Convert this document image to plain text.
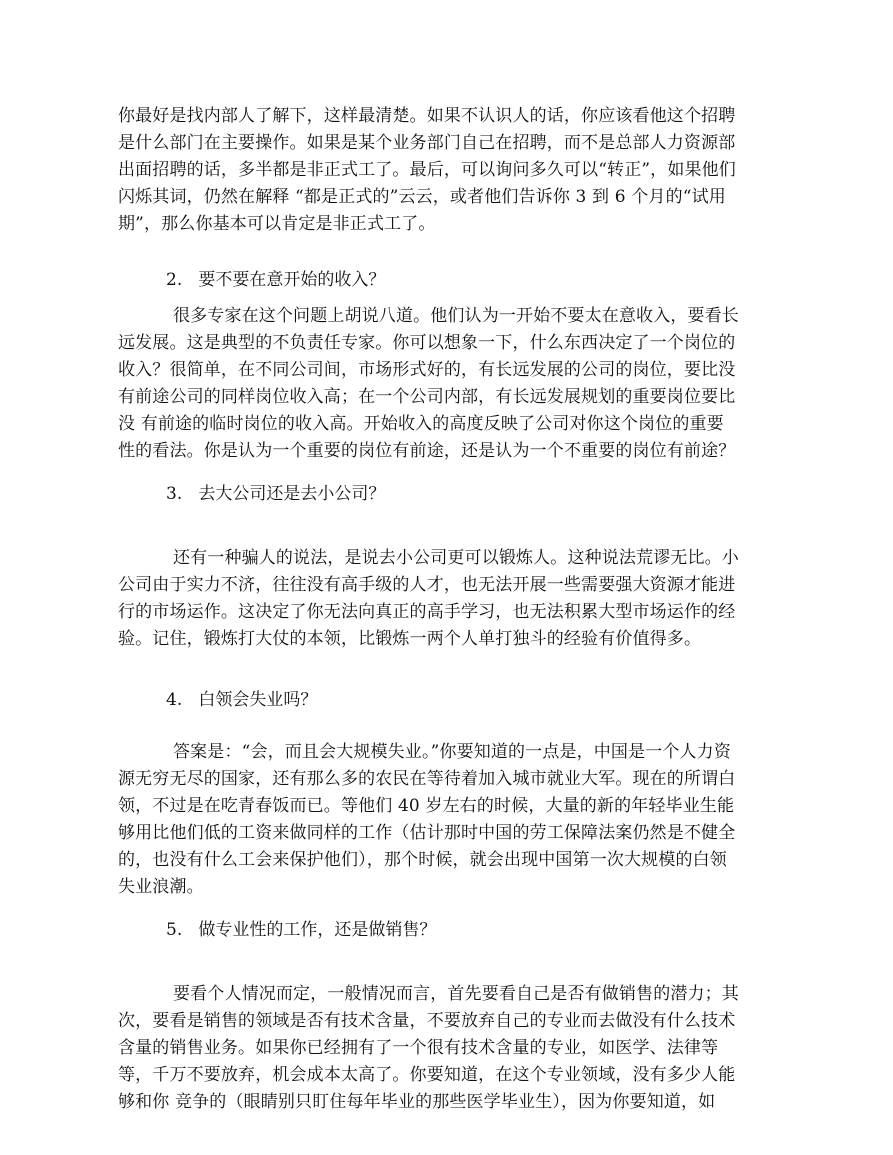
你最好是找内部人了解下，这样最清楚。如果不认识人的话，你应该看他这个招聘
是什么部门在主要操作。如果是某个业务部门自己在招聘，而不是总部人力资源部
出面招聘的话，多半都是非正式工了。最后，可以询问多久可以“转正”，如果他们
闪烁其词，仍然在解释 “都是正式的”云云，或者他们告诉你 3 到 6 个月的“试用
期”，那么你基本可以肯定是非正式工了。
2.   要不要在意开始的收入？
很多专家在这个问题上胡说八道。他们认为一开始不要太在意收入，要看长
远发展。这是典型的不负责任专家。你可以想象一下，什么东西决定了一个岗位的
收入？很简单，在不同公司间，市场形式好的，有长远发展的公司的岗位，要比没
有前途公司的同样岗位收入高；在一个公司内部，有长远发展规划的重要岗位要比
没 有前途的临时岗位的收入高。开始收入的高度反映了公司对你这个岗位的重要
性的看法。你是认为一个重要的岗位有前途，还是认为一个不重要的岗位有前途？
3.   去大公司还是去小公司？
还有一种骗人的说法，是说去小公司更可以锻炼人。这种说法荒谬无比。小
公司由于实力不济，往往没有高手级的人才，也无法开展一些需要强大资源才能进
行的市场运作。这决定了你无法向真正的高手学习，也无法积累大型市场运作的经
验。记住，锻炼打大仗的本领，比锻炼一两个人单打独斗的经验有价值得多。
4.   白领会失业吗？
答案是：“会，而且会大规模失业。”你要知道的一点是，中国是一个人力资
源无穷无尽的国家，还有那么多的农民在等待着加入城市就业大军。现在的所谓白
领，不过是在吃青春饭而已。等他们 40 岁左右的时候，大量的新的年轻毕业生能
够用比他们低的工资来做同样的工作（估计那时中国的劳工保障法案仍然是不健全
的，也没有什么工会来保护他们），那个时候，就会出现中国第一次大规模的白领
失业浪潮。
5.   做专业性的工作，还是做销售？
要看个人情况而定，一般情况而言，首先要看自己是否有做销售的潜力；其
次，要看是销售的领域是否有技术含量，不要放弃自己的专业而去做没有什么技术
含量的销售业务。如果你已经拥有了一个很有技术含量的专业，如医学、法律等
等，千万不要放弃，机会成本太高了。你要知道，在这个专业领域，没有多少人能
够和你 竞争的（眼睛别只盯住每年毕业的那些医学毕业生），因为你要知道，如
